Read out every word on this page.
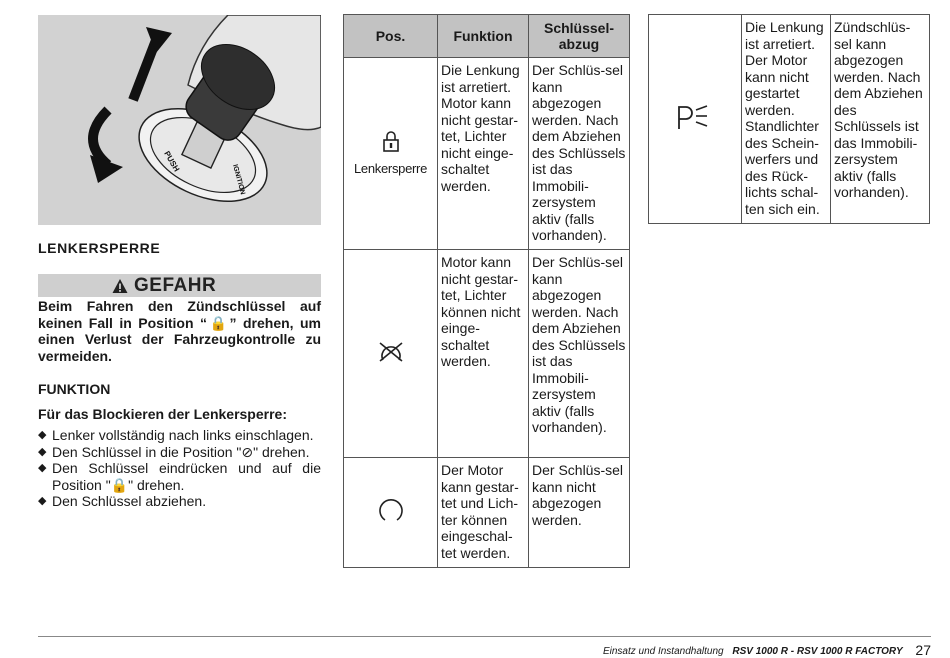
PUSH
IGNITION
LENKERSPERRE
GEFAHR
Beim Fahren den Zündschlüssel auf keinen Fall in Position “🔒” drehen, um einen Verlust der Fahrzeugkontrolle zu vermeiden.
FUNKTION
Für das Blockieren der Lenkersperre:
◆ Lenker vollständig nach links einschlagen.
◆ Den Schlüssel in die Position "⊘" drehen.
◆ Den Schlüssel eindrücken und auf die Position "🔒" drehen.
◆ Den Schlüssel abziehen.
Pos.	Funktion	Schlüssel-abzug

Lenkersperre	Die Lenkung ist arretiert. Motor kann nicht gestar-tet, Lichter nicht einge-schaltet werden.	Der Schlüs-sel kann abgezogen werden. Nach dem Abziehen des Schlüssels ist das Immobili-zersystem aktiv (falls vorhanden).
	Motor kann nicht gestar-tet, Lichter können nicht einge-schaltet werden.	Der Schlüs-sel kann abgezogen werden. Nach dem Abziehen des Schlüssels ist das Immobili-zersystem aktiv (falls vorhanden).
	Der Motor kann gestar-tet und Lich-ter können eingeschal-tet werden.	Der Schlüs-sel kann nicht abgezogen werden.
	Die Lenkung ist arretiert. Der Motor kann nicht gestartet werden. Standlichter des Schein-werfers und des Rück-lichts schal-ten sich ein.	Zündschlüs-sel kann abgezogen werden. Nach dem Abziehen des Schlüssels ist das Immobili-zersystem aktiv (falls vorhanden).
Einsatz und Instandhaltung RSV 1000 R - RSV 1000 R FACTORY 27
